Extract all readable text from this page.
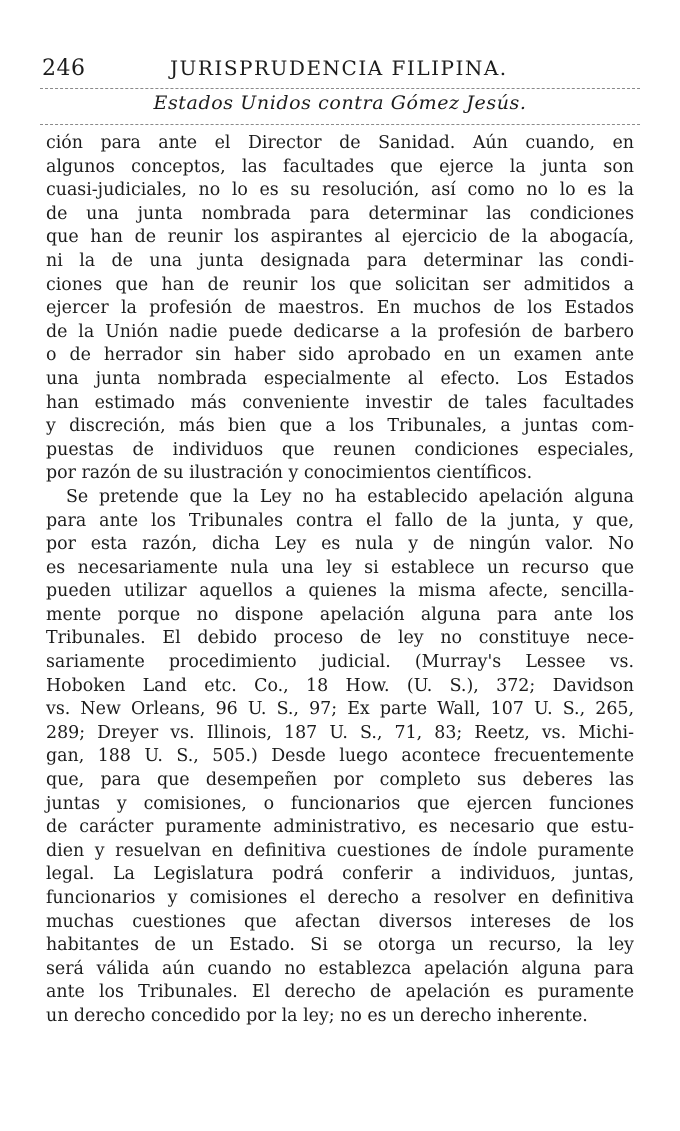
246	JURISPRUDENCIA FILIPINA.
Estados Unidos contra Gómez Jesús.
ción para ante el Director de Sanidad. Aún cuando, en
algunos conceptos, las facultades que ejerce la junta son
cuasi-judiciales, no lo es su resolución, así como no lo es la
de una junta nombrada para determinar las condiciones
que han de reunir los aspirantes al ejercicio de la abogacía,
ni la de una junta designada para determinar las condi-
ciones que han de reunir los que solicitan ser admitidos a
ejercer la profesión de maestros. En muchos de los Estados
de la Unión nadie puede dedicarse a la profesión de barbero
o de herrador sin haber sido aprobado en un examen ante
una junta nombrada especialmente al efecto. Los Estados
han estimado más conveniente investir de tales facultades
y discreción, más bien que a los Tribunales, a juntas com-
puestas de individuos que reunen condiciones especiales,
por razón de su ilustración y conocimientos científicos.
Se pretende que la Ley no ha establecido apelación alguna
para ante los Tribunales contra el fallo de la junta, y que,
por esta razón, dicha Ley es nula y de ningún valor. No
es necesariamente nula una ley si establece un recurso que
pueden utilizar aquellos a quienes la misma afecte, sencilla-
mente porque no dispone apelación alguna para ante los
Tribunales. El debido proceso de ley no constituye nece-
sariamente procedimiento judicial. (Murray's Lessee vs.
Hoboken Land etc. Co., 18 How. (U. S.), 372; Davidson
vs. New Orleans, 96 U. S., 97; Ex parte Wall, 107 U. S., 265,
289; Dreyer vs. Illinois, 187 U. S., 71, 83; Reetz, vs. Michi-
gan, 188 U. S., 505.) Desde luego acontece frecuentemente
que, para que desempeñen por completo sus deberes las
juntas y comisiones, o funcionarios que ejercen funciones
de carácter puramente administrativo, es necesario que estu-
dien y resuelvan en definitiva cuestiones de índole puramente
legal. La Legislatura podrá conferir a individuos, juntas,
funcionarios y comisiones el derecho a resolver en definitiva
muchas cuestiones que afectan diversos intereses de los
habitantes de un Estado. Si se otorga un recurso, la ley
será válida aún cuando no establezca apelación alguna para
ante los Tribunales. El derecho de apelación es puramente
un derecho concedido por la ley; no es un derecho inherente.
